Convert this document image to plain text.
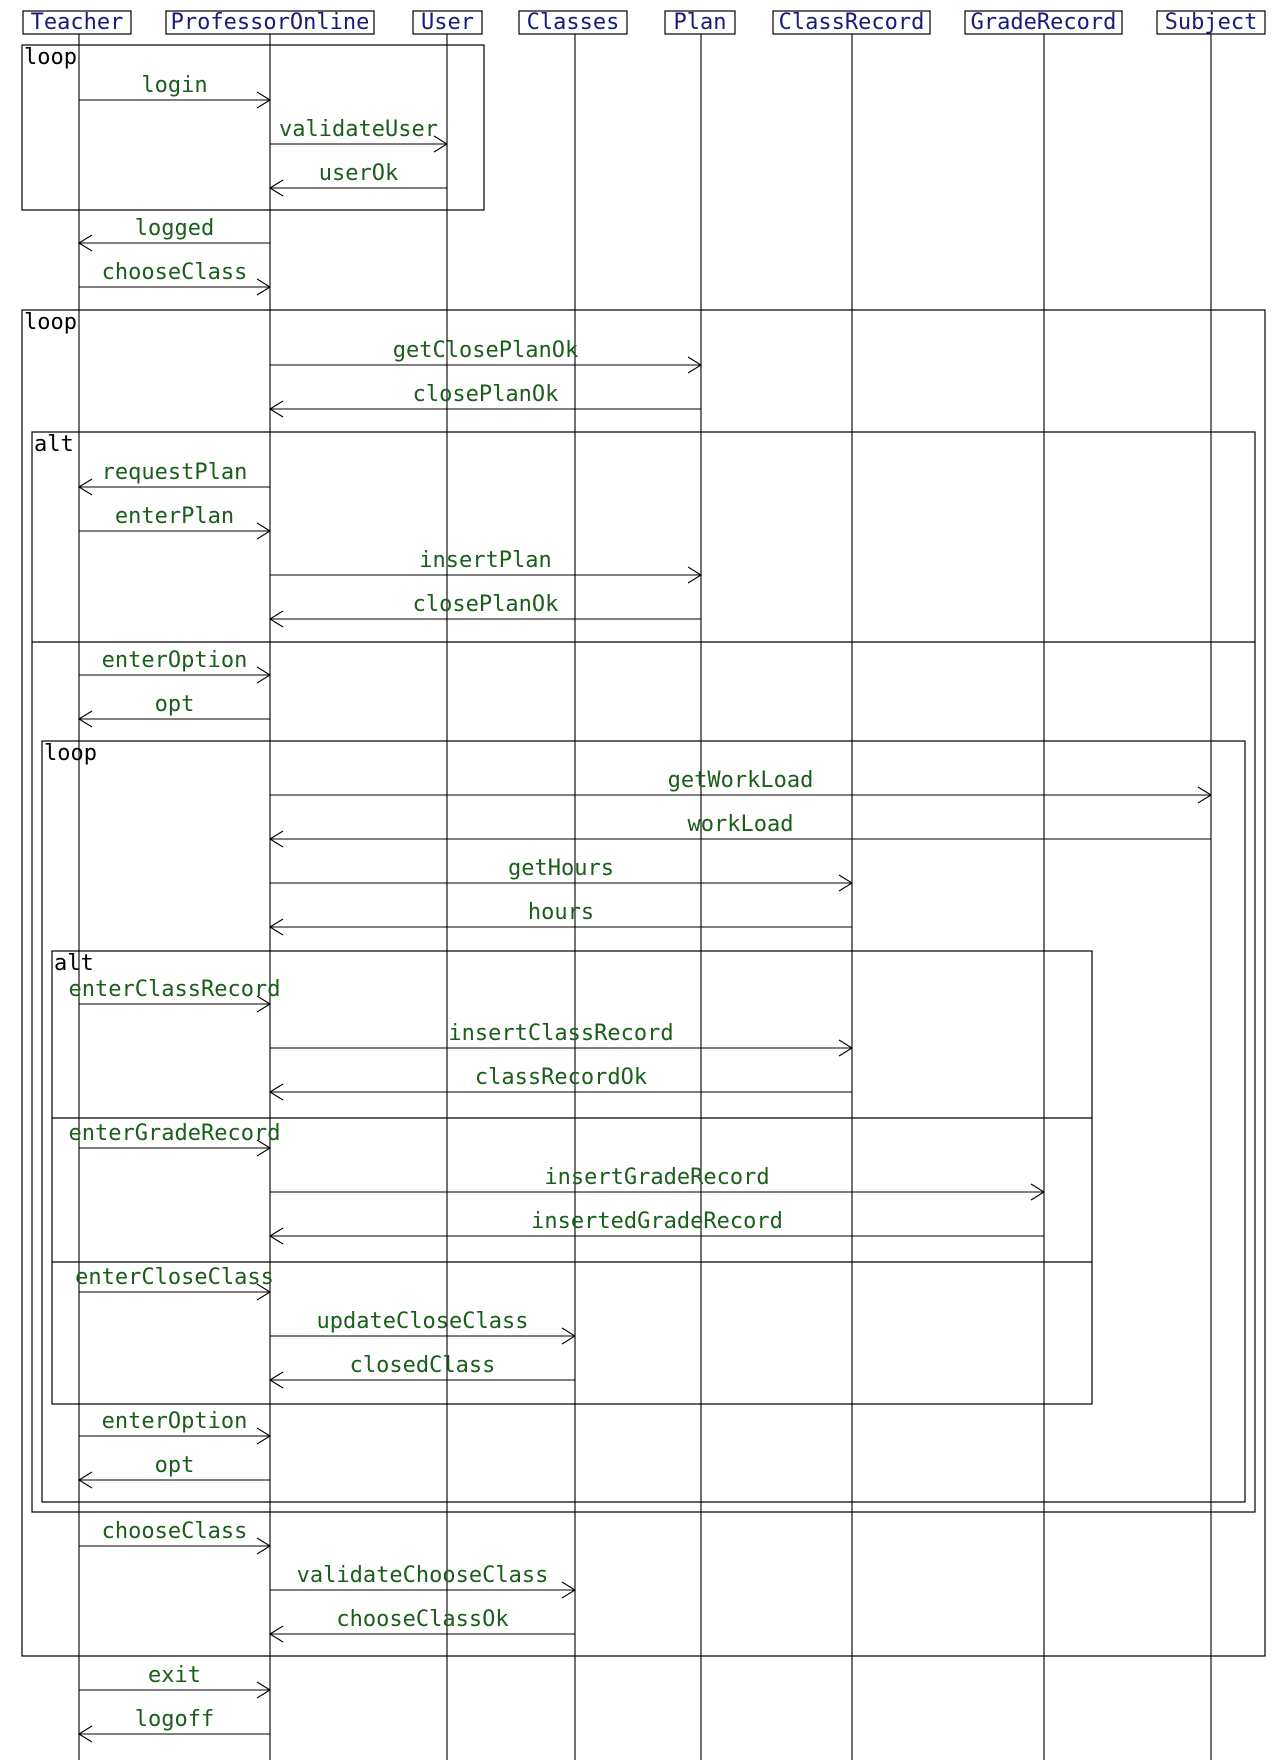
loop
loop
alt
loop
alt
login
validateUser
userOk
logged
chooseClass
getClosePlanOk
closePlanOk
requestPlan
enterPlan
insertPlan
closePlanOk
enterOption
opt
getWorkLoad
workLoad
getHours
hours
enterClassRecord
insertClassRecord
classRecordOk
enterGradeRecord
insertGradeRecord
insertedGradeRecord
enterCloseClass
updateCloseClass
closedClass
enterOption
opt
chooseClass
validateChooseClass
chooseClassOk
exit
logoff
Teacher ProfessorOnline User Classes Plan ClassRecord GradeRecord Subject
